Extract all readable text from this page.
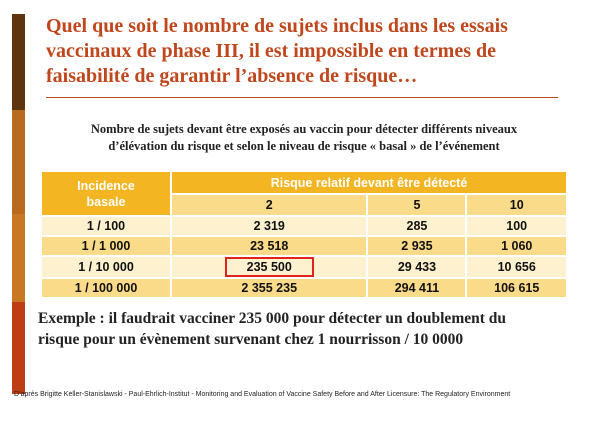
Quel que soit le nombre de sujets inclus dans les essais
vaccinaux de phase III, il est impossible en termes de
faisabilité de garantir l’absence de risque…
Nombre de sujets devant être exposés au vaccin pour détecter différents niveaux
d’élévation du risque et selon le niveau de risque « basal » de l’événement
Incidence
basale	Risque relatif devant être détecté		
	2	5	10
1 / 100	2 319	285	100
1 / 1 000	23 518	2 935	1 060
1 / 10 000	235 500	29 433	10 656
1 / 100 000	2 355 235	294 411	106 615
Exemple : il faudrait vacciner 235 000 pour détecter un doublement du
risque pour un évènement survenant chez 1 nourrisson / 10 0000
D’après Brigitte Keller-Stanislawski - Paul-Ehrlich-Institut - Monitoring and Evaluation of Vaccine Safety Before and After Licensure: The Regulatory Environment
